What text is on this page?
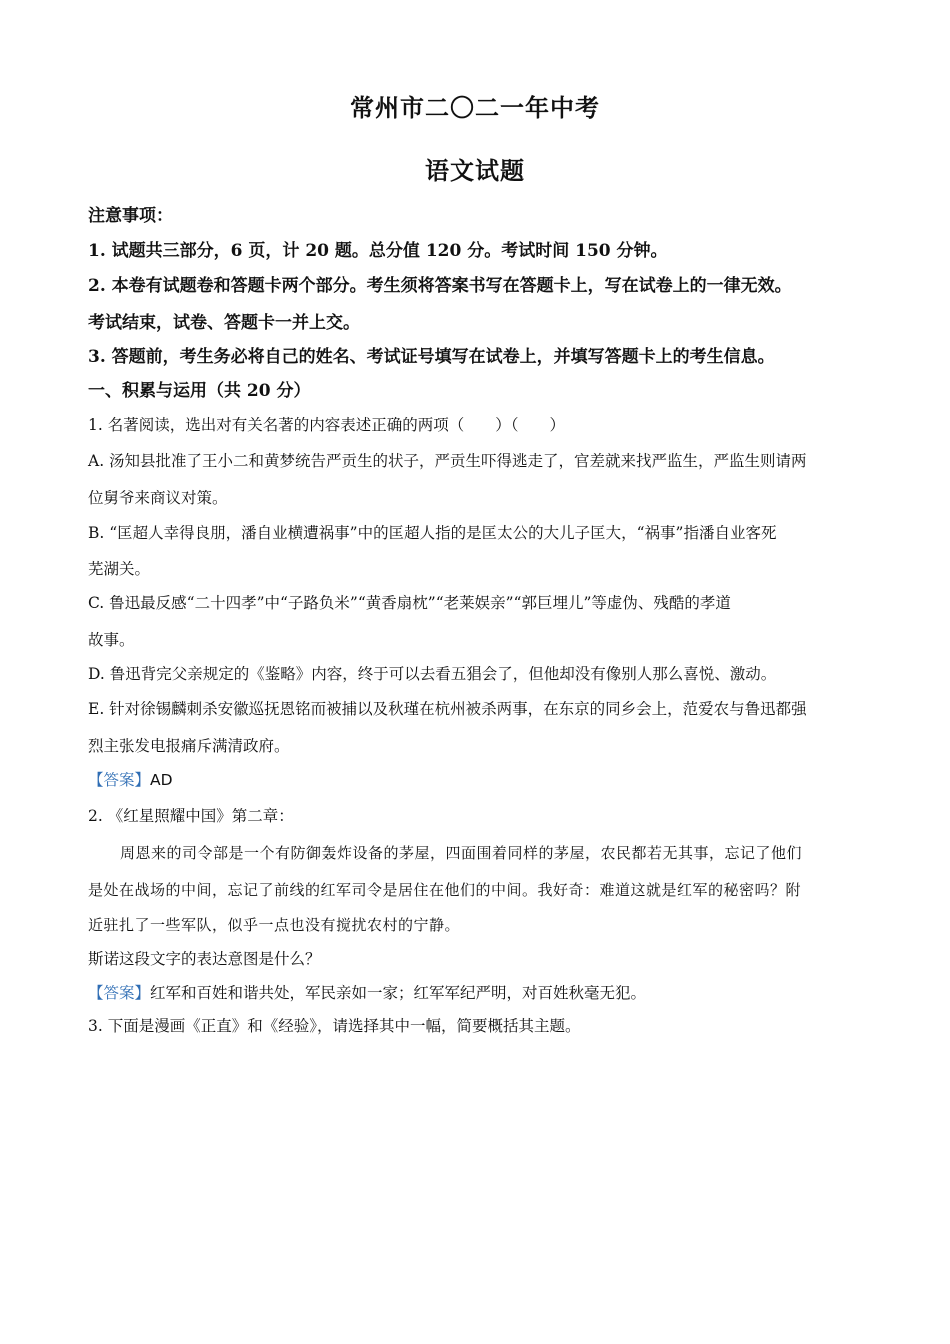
常州市二〇二一年中考
语文试题
注意事项：
1. 试题共三部分，6 页，计 20 题。总分值 120 分。考试时间 150 分钟。
2. 本卷有试题卷和答题卡两个部分。考生须将答案书写在答题卡上，写在试卷上的一律无效。
考试结束，试卷、答题卡一并上交。
3. 答题前，考生务必将自己的姓名、考试证号填写在试卷上，并填写答题卡上的考生信息。
一、积累与运用（共 20 分）
1. 名著阅读，选出对有关名著的内容表述正确的两项（　　）（　　）
A. 汤知县批准了王小二和黄梦统告严贡生的状子，严贡生吓得逃走了，官差就来找严监生，严监生则请两
位舅爷来商议对策。
B. “匡超人幸得良朋，潘自业横遭祸事”中的匡超人指的是匡太公的大儿子匡大，“祸事”指潘自业客死
芜湖关。
C. 鲁迅最反感“二十四孝”中“子路负米”“黄香扇枕”“老莱娱亲”“郭巨埋儿”等虚伪、残酷的孝道
故事。
D. 鲁迅背完父亲规定的《鉴略》内容，终于可以去看五猖会了，但他却没有像别人那么喜悦、激动。
E. 针对徐锡麟刺杀安徽巡抚恩铭而被捕以及秋瑾在杭州被杀两事，在东京的同乡会上，范爱农与鲁迅都强
烈主张发电报痛斥满清政府。
【答案】AD
2. 《红星照耀中国》第二章：
周恩来的司令部是一个有防御轰炸设备的茅屋，四面围着同样的茅屋，农民都若无其事，忘记了他们
是处在战场的中间，忘记了前线的红军司令是居住在他们的中间。我好奇：难道这就是红军的秘密吗？附
近驻扎了一些军队，似乎一点也没有搅扰农村的宁静。
斯诺这段文字的表达意图是什么？
【答案】红军和百姓和谐共处，军民亲如一家；红军军纪严明，对百姓秋毫无犯。
3. 下面是漫画《正直》和《经验》，请选择其中一幅，简要概括其主题。
